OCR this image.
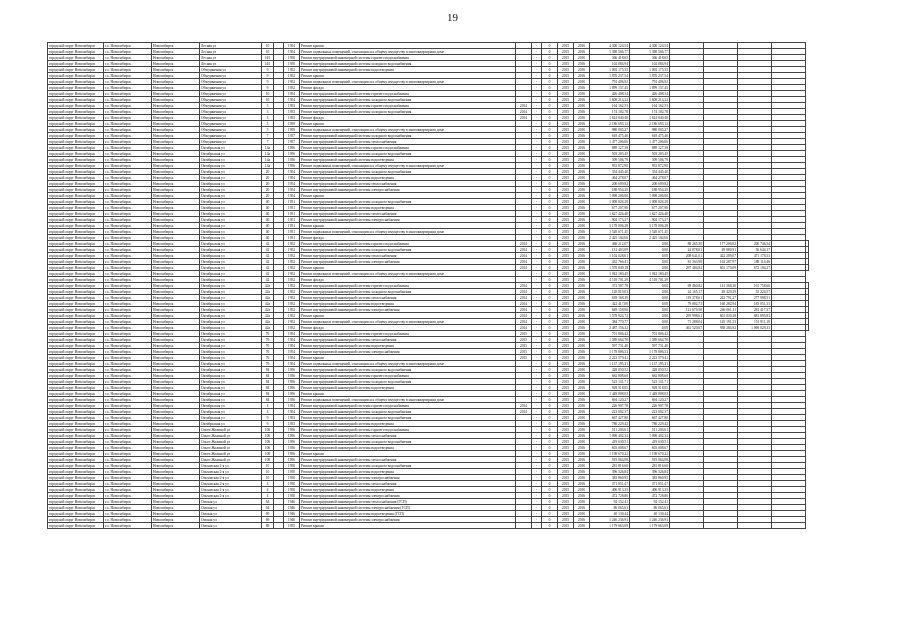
19
городской округ Новосибирск	г.о. Новосибирск	Новосибирск	Лесная ул	10		1954	Ремонт крыши		-	0	2015	2016	4 300 124,54	4 300 124,54					
городской округ Новосибирск	г.о. Новосибирск	Новосибирск	Лесная ул	10		1954	Ремонт подвальных помещений, относящихся к общему имуществу в многоквартирном доме		-	0	2015	2016	1 398 566,77	1 398 566,77					
городской округ Новосибирск	г.о. Новосибирск	Новосибирск	Лесная ул	14/1		1950	Ремонт внутридомовой инженерной системы горячего водоснабжения		-	0	2015	2016	366 418,65	366 418,65					
городской округ Новосибирск	г.о. Новосибирск	Новосибирск	Лесная ул	14/1		1950	Ремонт внутридомовой инженерной системы холодного водоснабжения		-	0	2015	2016	102 084,94	102 084,94					
городской округ Новосибирск	г.о. Новосибирск	Новосибирск	Объединения ул	9		1952	Ремонт внутридомовой инженерной системы водоотведения		-	0	2015	2016	1 092 175,35	1 092 175,35					
городской округ Новосибирск	г.о. Новосибирск	Новосибирск	Объединения ул	9		1952	Ремонт крыши		-	0	2015	2016	1 870 237,54	1 870 237,54					
городской округ Новосибирск	г.о. Новосибирск	Новосибирск	Объединения ул	9		1952	Ремонт подвальных помещений, относящихся к общему имуществу в многоквартирном доме		-	0	2015	2016	791 406,92	791 406,92					
городской округ Новосибирск	г.о. Новосибирск	Новосибирск	Объединения ул	9		1952	Ремонт фасада		-	0	2015	2016	1 899 137,45	1 899 137,45					
городской округ Новосибирск	г.о. Новосибирск	Новосибирск	Объединения ул	10		1954	Ремонт внутридомовой инженерной системы горячего водоснабжения		-	0	2015	2016	426 408,34	426 408,34					
городской округ Новосибирск	г.о. Новосибирск	Новосибирск	Объединения ул	10		1954	Ремонт внутридомовой инженерной системы холодного водоснабжения		-	0	2015	2016	1 608 214,22	1 608 214,22					
городской округ Новосибирск	г.о. Новосибирск	Новосибирск	Объединения ул	3		1953	Ремонт внутридомовой инженерной системы горячего водоснабжения	2014	-	0	2015	2016	164 162,53	164 162,53					
городской округ Новосибирск	г.о. Новосибирск	Новосибирск	Объединения ул	3		1953	Ремонт внутридомовой инженерной системы холодного водоснабжения	2014	-	0	2015	2016	174 102,78	174 102,78					
городской округ Новосибирск	г.о. Новосибирск	Новосибирск	Объединения ул	3		1953	Ремонт фасада	2014	-	0	2015	2016	1 624 840,48	1 624 840,48					
городской округ Новосибирск	г.о. Новосибирск	Новосибирск	Объединения ул	5		1959	Ремонт крыши		-	0	2015	2016	2 186 693,12	2 186 693,12					
городской округ Новосибирск	г.о. Новосибирск	Новосибирск	Объединения ул	5		1959	Ремонт подвальных помещений, относящихся к общему имуществу в многоквартирном доме		-	0	2015	2016	980 005,27	980 005,27					
городской округ Новосибирск	г.о. Новосибирск	Новосибирск	Объединения ул	7		1957	Ремонт внутридомовой инженерной системы холодного водоснабжения		-	0	2015	2016	618 475,40	618 475,40					
городской округ Новосибирск	г.о. Новосибирск	Новосибирск	Объединения ул	7		1957	Ремонт внутридомовой инженерной системы теплоснабжения		-	0	2015	2016	1 477 206,06	1 477 206,06					
городской округ Новосибирск	г.о. Новосибирск	Новосибирск	Октябрьская ул	14а		1956	Ремонт внутридомовой инженерной системы горячего водоснабжения		-	0	2015	2016	889 127,38	889 127,38					
городской округ Новосибирск	г.о. Новосибирск	Новосибирск	Октябрьская ул	14а		1956	Ремонт внутридомовой инженерной системы холодного водоснабжения		-	0	2015	2016	503 203,45	503 203,45					
городской округ Новосибирск	г.о. Новосибирск	Новосибирск	Октябрьская ул	14а		1956	Ремонт внутридомовой инженерной системы водоотведения		-	0	2015	2016	509 506,79	509 506,79					
городской округ Новосибирск	г.о. Новосибирск	Новосибирск	Октябрьская ул	14а		1956	Ремонт подвальных помещений, относящихся к общему имуществу в многоквартирном доме		-	0	2015	2016	953 872,90	953 872,90					
городской округ Новосибирск	г.о. Новосибирск	Новосибирск	Октябрьская ул	20		1954	Ремонт внутридомовой инженерной системы холодного водоснабжения		-	0	2015	2016	354 445,40	354 445,40					
городской округ Новосибирск	г.о. Новосибирск	Новосибирск	Октябрьская ул	20		1954	Ремонт внутридомовой инженерной системы водоотведения		-	0	2015	2016	464 278,07	464 278,07					
городской округ Новосибирск	г.о. Новосибирск	Новосибирск	Октябрьская ул	20		1954	Ремонт внутридомовой инженерной системы теплоснабжения		-	0	2015	2016	200 609,82	200 609,82					
городской округ Новосибирск	г.о. Новосибирск	Новосибирск	Октябрьская ул	20		1954	Ремонт внутридомовой инженерной системы электроснабжения		-	0	2015	2016	188 954,29	188 954,29					
городской округ Новосибирск	г.о. Новосибирск	Новосибирск	Октябрьская ул	20		1954	Ремонт крыши		-	0	2015	2016	1 098 206,00	1 098 206,00					
городской округ Новосибирск	г.о. Новосибирск	Новосибирск	Октябрьская ул	40		1951	Ремонт внутридомовой инженерной системы холодного водоснабжения		-	0	2015	2016	1 008 826,28	1 008 826,28					
городской округ Новосибирск	г.о. Новосибирск	Новосибирск	Октябрьская ул	40		1951	Ремонт внутридомовой инженерной системы водоотведения		-	0	2015	2016	677 207,98	677 207,98					
городской округ Новосибирск	г.о. Новосибирск	Новосибирск	Октябрьская ул	40		1951	Ремонт внутридомовой инженерной системы теплоснабжения		-	0	2015	2016	1 627 426,40	1 627 426,40					
городской округ Новосибирск	г.о. Новосибирск	Новосибирск	Октябрьская ул	40		1951	Ремонт внутридомовой инженерной системы электроснабжения		-	0	2015	2016	904 173,27	904 173,27					
городской округ Новосибирск	г.о. Новосибирск	Новосибирск	Октябрьская ул	40		1951	Ремонт крыши		-	0	2015	2016	3 178 006,28	3 178 006,28					
городской округ Новосибирск	г.о. Новосибирск	Новосибирск	Октябрьская ул	40		1951	Ремонт подвальных помещений, относящихся к общему имуществу в многоквартирном доме		-	0	2015	2016	1 520 671,45	1 520 671,45					
городской округ Новосибирск	г.о. Новосибирск	Новосибирск	Октябрьская ул	40		1951	Ремонт фасада		-	0	2015	2016	2 425 104,06	2 425 104,06					
городской округ Новосибирск	г.о. Новосибирск	Новосибирск	Октябрьская ул	42		1952	Ремонт внутридомовой инженерной системы горячего водоснабжения	2014	-	0	2015	2016	466 212,07	0,00	88 265,50	177 200,02	200 746,54		
городской округ Новосибирск	г.о. Новосибирск	Новосибирск	Октябрьская ул	42		1952	Ремонт внутридомовой инженерной системы холодного водоснабжения	2014	-	0	2015	2016	131 403,09	0,00	24 878,01	49 880,91	56 644,17		
городской округ Новосибирск	г.о. Новосибирск	Новосибирск	Октябрьская ул	42		1952	Ремонт внутридомовой инженерной системы теплоснабжения	2014	-	0	2015	2016	1 102 028,61	0,00	208 641,01	422 209,07	471 178,53		
городской округ Новосибирск	г.о. Новосибирск	Новосибирск	Октябрьская ул	42		1952	Ремонт внутридомовой инженерной системы электроснабжения	2014	-	0	2015	2016	432 766,41	0,00	81 363,98	163 287,97	188 114,46		
городской округ Новосибирск	г.о. Новосибирск	Новосибирск	Октябрьская ул	42		1952	Ремонт крыши	2014	-	0	2015	2016	1 570 849,18	0,00	297 484,82	601 170,09	672 194,27		
городской округ Новосибирск	г.о. Новосибирск	Новосибирск	Октябрьская ул	42		1952	Ремонт подвальных помещений, относящихся к общему имуществу в многоквартирном доме		-	0	2015	2016	1 042 160,45	1 042 160,45					
городской округ Новосибирск	г.о. Новосибирск	Новосибирск	Октябрьская ул	42		1952	Ремонт фасада		-	0	2015	2016	4 118 701,29	4 118 701,29					
городской округ Новосибирск	г.о. Новосибирск	Новосибирск	Октябрьская ул	42а		1952	Ремонт внутридомовой инженерной системы горячего водоснабжения	2014	-	0	2015	2016	372 587,78	0,00	69 460,82	141 368,30	161 758,66		
городской округ Новосибирск	г.о. Новосибирск	Новосибирск	Октябрьская ул	42а		1952	Ремонт внутридомовой инженерной системы холодного водоснабжения	2014	-	0	2015	2016	128 819,03	0,00	24 165,17	49 429,29	55 224,57		
городской округ Новосибирск	г.о. Новосибирск	Новосибирск	Октябрьская ул	42а		1952	Ремонт внутридомовой инженерной системы теплоснабжения	2014	-	0	2015	2016	639 168,39	0,00	119 378,61	242 791,27	277 998,51		
городской округ Новосибирск	г.о. Новосибирск	Новосибирск	Октябрьская ул	42а		1952	Ремонт внутридомовой инженерной системы водоотведения	2014	-	0	2015	2016	422 417,00	0,00	79 082,73	160 282,94	183 051,33		
городской округ Новосибирск	г.о. Новосибирск	Новосибирск	Октябрьская ул	42а		1952	Ремонт внутридомовой инженерной системы электроснабжения	2014	-	0	2015	2016	649 158,06	0,00	121 679,58	246 061,11	281 417,37		
городской округ Новосибирск	г.о. Новосибирск	Новосибирск	Октябрьская ул	42а		1952	Ремонт крыши	2014	-	0	2015	2016	1 578 924,72	0,00	295 998,61	601 030,28	681 895,83		
городской округ Новосибирск	г.о. Новосибирск	Новосибирск	Октябрьская ул	42а		1952	Ремонт подвальных помещений, относящихся к общему имуществу в многоквартирном доме	2014	-	0	2015	2016	384 770,77	0,00	71 288,04	145 191,53	151 911,18		
городской округ Новосибирск	г.о. Новосибирск	Новосибирск	Октябрьская ул	42а		1952	Ремонт фасада	2014	-	0	2015	2016	2 487 156,32	0,00	461 520,67	938 284,92	1 069 029,33		
городской округ Новосибирск	г.о. Новосибирск	Новосибирск	Октябрьская ул	76		1954	Ремонт внутридомовой инженерной системы горячего водоснабжения	2015	-	0	2015	2016	701 806,42	701 806,42					
городской округ Новосибирск	г.о. Новосибирск	Новосибирск	Октябрьская ул	76		1954	Ремонт внутридомовой инженерной системы теплоснабжения	2015	-	0	2015	2016	1 589 664,78	1 589 664,78					
городской округ Новосибирск	г.о. Новосибирск	Новосибирск	Октябрьская ул	76		1954	Ремонт внутридомовой инженерной системы водоотведения	2015	-	0	2015	2016	597 731,40	597 731,40					
городской округ Новосибирск	г.о. Новосибирск	Новосибирск	Октябрьская ул	76		1954	Ремонт внутридомовой инженерной системы электроснабжения	2015	-	0	2015	2016	1 178 806,53	1 178 806,53					
городской округ Новосибирск	г.о. Новосибирск	Новосибирск	Октябрьская ул	76		1954	Ремонт крыши	2015	-	0	2015	2016	2 223 579,41	2 223 579,41					
городской округ Новосибирск	г.о. Новосибирск	Новосибирск	Октябрьская ул	76		1954	Ремонт подвальных помещений, относящихся к общему имуществу в многоквартирном доме		-	0	2015	2016	1 137 195,21	1 137 195,21					
городской округ Новосибирск	г.о. Новосибирск	Новосибирск	Октябрьская ул	84		1956	Ремонт внутридомовой инженерной системы холодного водоснабжения		-	0	2015	2016	428 050,52	428 050,52					
городской округ Новосибирск	г.о. Новосибирск	Новосибирск	Октябрьская ул	84		1956	Ремонт внутридомовой инженерной системы горячего водоснабжения		-	0	2015	2016	682 808,60	682 808,60					
городской округ Новосибирск	г.о. Новосибирск	Новосибирск	Октябрьская ул	84		1956	Ремонт внутридомовой инженерной системы холодного водоснабжения		-	0	2015	2016	523 131,71	523 131,71					
городской округ Новосибирск	г.о. Новосибирск	Новосибирск	Октябрьская ул	84		1956	Ремонт внутридомовой инженерной системы водоотведения		-	0	2015	2016	929 518,05	929 518,05					
городской округ Новосибирск	г.о. Новосибирск	Новосибирск	Октябрьская ул	84		1956	Ремонт крыши		-	0	2015	2016	1 449 808,03	1 449 808,03					
городской округ Новосибирск	г.о. Новосибирск	Новосибирск	Октябрьская ул	84		1956	Ремонт подвальных помещений, относящихся к общему имуществу в многоквартирном доме		-	0	2015	2016	694 120,27	694 120,27					
городской округ Новосибирск	г.о. Новосибирск	Новосибирск	Октябрьская ул	4		1954	Ремонт внутридомовой инженерной системы горячего водоснабжения	2014	-	0	2015	2016	226 907,78	226 907,78					
городской округ Новосибирск	г.о. Новосибирск	Новосибирск	Октябрьская ул	4		1954	Ремонт внутридомовой инженерной системы холодного водоснабжения	2014	-	0	2015	2016	223 092,37	223 092,37					
городской округ Новосибирск	г.о. Новосибирск	Новосибирск	Октябрьская ул	9		1953	Ремонт внутридомовой инженерной системы холодного водоснабжения		-	0	2015	2016	667 427,80	667 427,80					
городской округ Новосибирск	г.о. Новосибирск	Новосибирск	Октябрьская ул	9		1953	Ремонт внутридомовой инженерной системы водоотведения		-	0	2015	2016	786 229,42	786 229,42					
городской округ Новосибирск	г.о. Новосибирск	Новосибирск	Ольги Жилиной ул	106		1956	Ремонт внутридомовой инженерной системы горячего водоснабжения		-	0	2015	2016	511 204,61	511 204,61					
городской округ Новосибирск	г.о. Новосибирск	Новосибирск	Ольги Жилиной ул	106		1956	Ремонт внутридомовой инженерной системы теплоснабжения		-	0	2015	2016	1 098 402,32	1 098 402,32					
городской округ Новосибирск	г.о. Новосибирск	Новосибирск	Ольги Жилиной ул	106		1956	Ремонт внутридомовой инженерной системы холодного водоснабжения		-	0	2015	2016	419 630,51	419 630,51					
городской округ Новосибирск	г.о. Новосибирск	Новосибирск	Ольги Жилиной ул	106		1956	Ремонт внутридомовой инженерной системы водоотведения		-	0	2015	2016	603 008,67	603 008,67					
городской округ Новосибирск	г.о. Новосибирск	Новосибирск	Ольги Жилиной ул	108		1956	Ремонт крыши		-	0	2015	2016	1 198 670,22	1 198 670,22					
городской округ Новосибирск	г.о. Новосибирск	Новосибирск	Ольги Жилиной ул	108		1956	Ремонт внутридомовой инженерной системы теплоснабжения		-	0	2015	2016	919 064,08	919 064,08					
городской округ Новосибирск	г.о. Новосибирск	Новосибирск	Ольховская 2-я ул	10		1950	Ремонт внутридомовой инженерной системы холодного водоснабжения		-	0	2015	2016	281 816,60	281 816,60					
городской округ Новосибирск	г.о. Новосибирск	Новосибирск	Ольховская 2-я ул	10		1950	Ремонт внутридомовой инженерной системы водоотведения		-	0	2015	2016	396 326,84	396 326,84					
городской округ Новосибирск	г.о. Новосибирск	Новосибирск	Ольховская 2-я ул	10		1950	Ремонт внутридомовой инженерной системы электроснабжения		-	0	2015	2016	383 860,95	383 860,95					
городской округ Новосибирск	г.о. Новосибирск	Новосибирск	Ольховская 2-я ул	4		1950	Ремонт внутридомовой инженерной системы теплоснабжения		-	0	2015	2016	371 051,47	371 051,47					
городской округ Новосибирск	г.о. Новосибирск	Новосибирск	Ольховская 2-я ул	4		1950	Ремонт внутридомовой инженерной системы водоотведения		-	0	2015	2016	406 913,33	406 913,33					
городской округ Новосибирск	г.о. Новосибирск	Новосибирск	Ольховская 2-я ул	4		1950	Ремонт внутридомовой инженерной системы электроснабжения		-	0	2015	2016	472 728,80	472 728,80					
городской округ Новосибирск	г.о. Новосибирск	Новосибирск	Омская ул	64		1946	Ремонт внутридомовой инженерной системы теплоснабжения (ГСП)		-	0	2015	2016	92 152,41	92 152,41					
городской округ Новосибирск	г.о. Новосибирск	Новосибирск	Омская ул	64		1946	Ремонт внутридомовой инженерной системы электроснабжения (ГСП)		-	0	2015	2016	86 065,63	86 065,63					
городской округ Новосибирск	г.о. Новосибирск	Новосибирск	Омская ул	69		1946	Ремонт внутридомовой инженерной системы водоотведения (ГСП)		-	0	2015	2016	40 130,44	40 130,44					
городской округ Новосибирск	г.о. Новосибирск	Новосибирск	Омская ул	69		1946	Ремонт внутридомовой инженерной системы электроснабжения		-	0	2015	2016	1 246 236,93	1 246 236,93					
городской округ Новосибирск	г.о. Новосибирск	Новосибирск	Омская ул	89		1955	Ремонт крыши		-	0	2015	2016	1 179 663,09	1 179 663,09					
